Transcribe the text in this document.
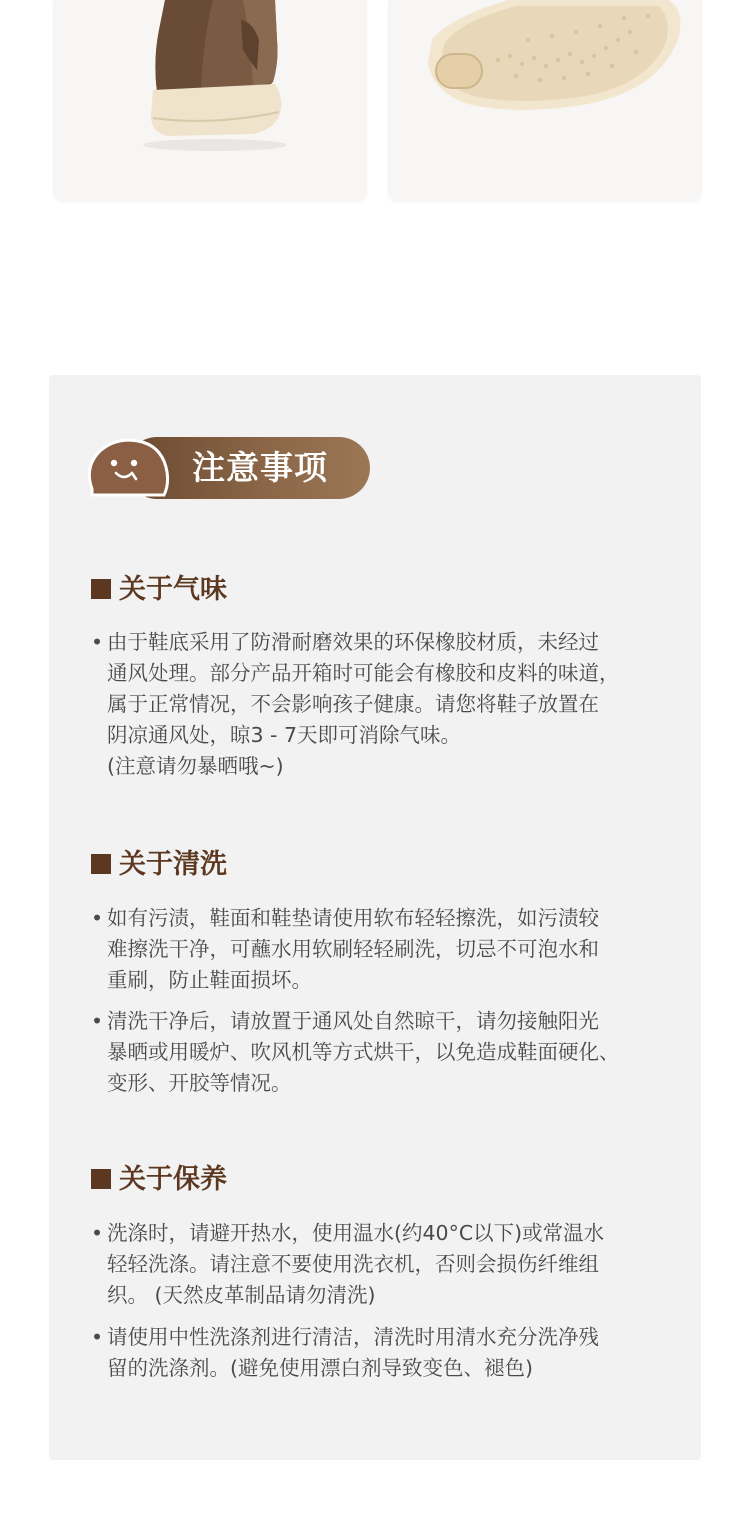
注意事项
关于气味
• 由于鞋底采用了防滑耐磨效果的环保橡胶材质，未经过
通风处理。部分产品开箱时可能会有橡胶和皮料的味道，
属于正常情况，不会影响孩子健康。请您将鞋子放置在
阴凉通风处，晾3 - 7天即可消除气味。
(注意请勿暴晒哦~)
关于清洗
• 如有污渍，鞋面和鞋垫请使用软布轻轻擦洗，如污渍较
难擦洗干净，可蘸水用软刷轻轻刷洗，切忌不可泡水和
重刷，防止鞋面损坏。
• 清洗干净后，请放置于通风处自然晾干，请勿接触阳光
暴晒或用暖炉、吹风机等方式烘干，以免造成鞋面硬化、
变形、开胶等情况。
关于保养
• 洗涤时，请避开热水，使用温水(约40°C以下)或常温水
轻轻洗涤。请注意不要使用洗衣机，否则会损伤纤维组
织。 (天然皮革制品请勿清洗)
• 请使用中性洗涤剂进行清洁，清洗时用清水充分洗净残
留的洗涤剂。(避免使用漂白剂导致变色、褪色)
